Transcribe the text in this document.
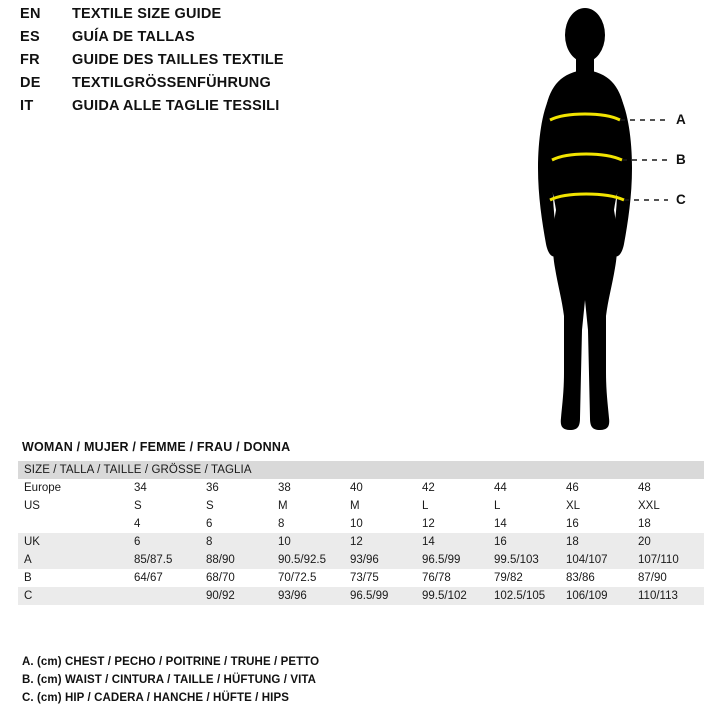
EN	TEXTILE SIZE GUIDE
ES	GUÍA DE TALLAS
FR	GUIDE DES TAILLES TEXTILE
DE	TEXTILGRÖSSENFÜHRUNG
IT	GUIDA ALLE TAGLIE TESSILI
A
B
C
WOMAN / MUJER / FEMME / FRAU / DONNA
SIZE / TALLA / TAILLE / GRÖSSE / TAGLIA								
Europe	34	36	38	40	42	44	46	48
US	S	S	M	M	L	L	XL	XXL
	4	6	8	10	12	14	16	18
UK	6	8	10	12	14	16	18	20
A	85/87.5	88/90	90.5/92.5	93/96	96.5/99	99.5/103	104/107	107/110
B	64/67	68/70	70/72.5	73/75	76/78	79/82	83/86	87/90
C		90/92	93/96	96.5/99	99.5/102	102.5/105	106/109	110/113
A. (cm) CHEST / PECHO / POITRINE / TRUHE / PETTO
B. (cm) WAIST / CINTURA / TAILLE / HÜFTUNG / VITA
C. (cm) HIP / CADERA / HANCHE / HÜFTE / HIPS
